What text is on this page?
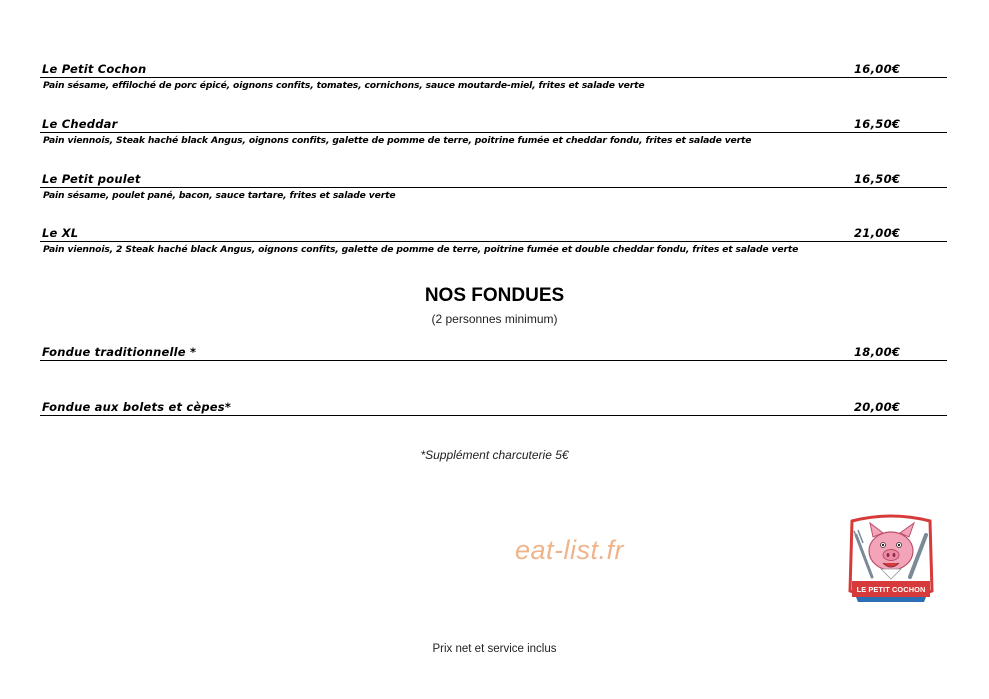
Le Petit Cochon	16,00€
Pain sésame, effiloché de porc épicé, oignons confits, tomates, cornichons, sauce moutarde-miel, frites et salade verte
Le Cheddar	16,50€
Pain viennois, Steak haché black Angus, oignons confits, galette de pomme de terre, poitrine fumée et cheddar fondu, frites et salade verte
Le Petit poulet	16,50€
Pain sésame, poulet pané, bacon, sauce tartare, frites et salade verte
Le XL	21,00€
Pain viennois, 2 Steak haché black Angus, oignons confits, galette de pomme de terre, poitrine fumée et double cheddar fondu, frites et salade verte
NOS FONDUES
(2 personnes minimum)
Fondue traditionnelle *	18,00€
Fondue aux bolets et cèpes*	20,00€
*Supplément charcuterie 5€
eat-list.fr
LE PETIT COCHON
Prix net et service inclus
